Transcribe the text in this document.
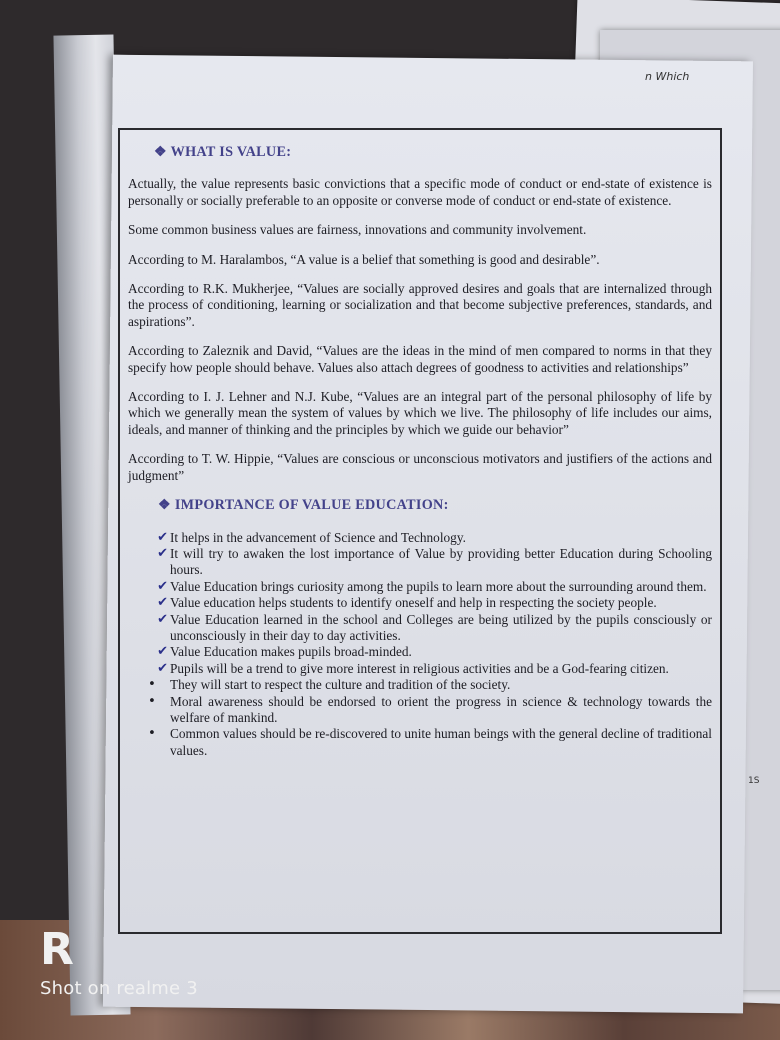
n Which
1S
❖ WHAT IS VALUE:

Actually, the value represents basic convictions that a specific mode of conduct or end-state of existence is personally or socially preferable to an opposite or converse mode of conduct or end-state of existence.

Some common business values are fairness, innovations and community involvement.

According to M. Haralambos, “A value is a belief that something is good and desirable”.

According to R.K. Mukherjee, “Values are socially approved desires and goals that are internalized through the process of conditioning, learning or socialization and that become subjective preferences, standards, and aspirations”.

According to Zaleznik and David, “Values are the ideas in the mind of men compared to norms in that they specify how people should behave. Values also attach degrees of goodness to activities and relationships”

According to I. J. Lehner and N.J. Kube, “Values are an integral part of the personal philosophy of life by which we generally mean the system of values by which we live. The philosophy of life includes our aims, ideals, and manner of thinking and the principles by which we guide our behavior”

According to T. W. Hippie, “Values are conscious or unconscious motivators and justifiers of the actions and judgment”

❖ IMPORTANCE OF VALUE EDUCATION:
✔ It helps in the advancement of Science and Technology.
✔ It will try to awaken the lost importance of Value by providing better Education during Schooling hours.
✔ Value Education brings curiosity among the pupils to learn more about the surrounding around them.
✔ Value education helps students to identify oneself and help in respecting the society people.
✔ Value Education learned in the school and Colleges are being utilized by the pupils consciously or unconsciously in their day to day activities.
✔ Value Education makes pupils broad-minded.
✔ Pupils will be a trend to give more interest in religious activities and be a God-fearing citizen.
• They will start to respect the culture and tradition of the society.
• Moral awareness should be endorsed to orient the progress in science & technology towards the welfare of mankind.
• Common values should be re-discovered to unite human beings with the general decline of traditional values.
R
Shot on realme 3
